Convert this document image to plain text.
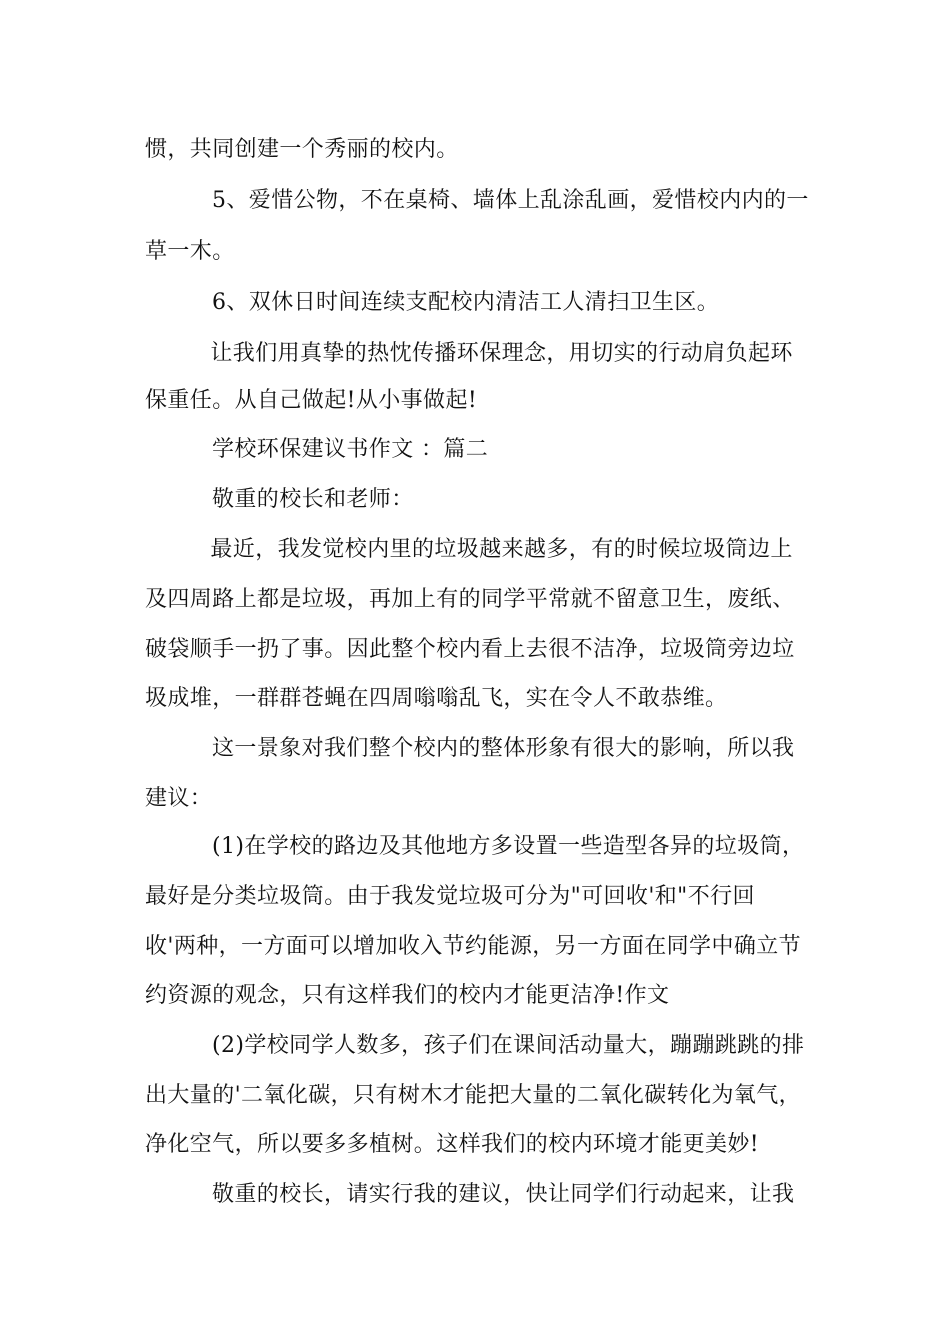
惯，共同创建一个秀丽的校内。
5、爱惜公物，不在桌椅、墙体上乱涂乱画，爱惜校内内的一
草一木。
6、双休日时间连续支配校内清洁工人清扫卫生区。
让我们用真挚的热忱传播环保理念，用切实的行动肩负起环
保重任。从自己做起!从小事做起!
学校环保建议书作文 ：篇二
敬重的校长和老师：
最近，我发觉校内里的垃圾越来越多，有的时候垃圾筒边上
及四周路上都是垃圾，再加上有的同学平常就不留意卫生，废纸、
破袋顺手一扔了事。因此整个校内看上去很不洁净，垃圾筒旁边垃
圾成堆，一群群苍蝇在四周嗡嗡乱飞，实在令人不敢恭维。
这一景象对我们整个校内的整体形象有很大的影响，所以我
建议：
(1)在学校的路边及其他地方多设置一些造型各异的垃圾筒，
最好是分类垃圾筒。由于我发觉垃圾可分为"可回收'和"不行回
收'两种，一方面可以增加收入节约能源，另一方面在同学中确立节
约资源的观念，只有这样我们的校内才能更洁净!作文
(2)学校同学人数多，孩子们在课间活动量大，蹦蹦跳跳的排
出大量的'二氧化碳，只有树木才能把大量的二氧化碳转化为氧气，
净化空气，所以要多多植树。这样我们的校内环境才能更美妙!
敬重的校长，请实行我的建议，快让同学们行动起来，让我
